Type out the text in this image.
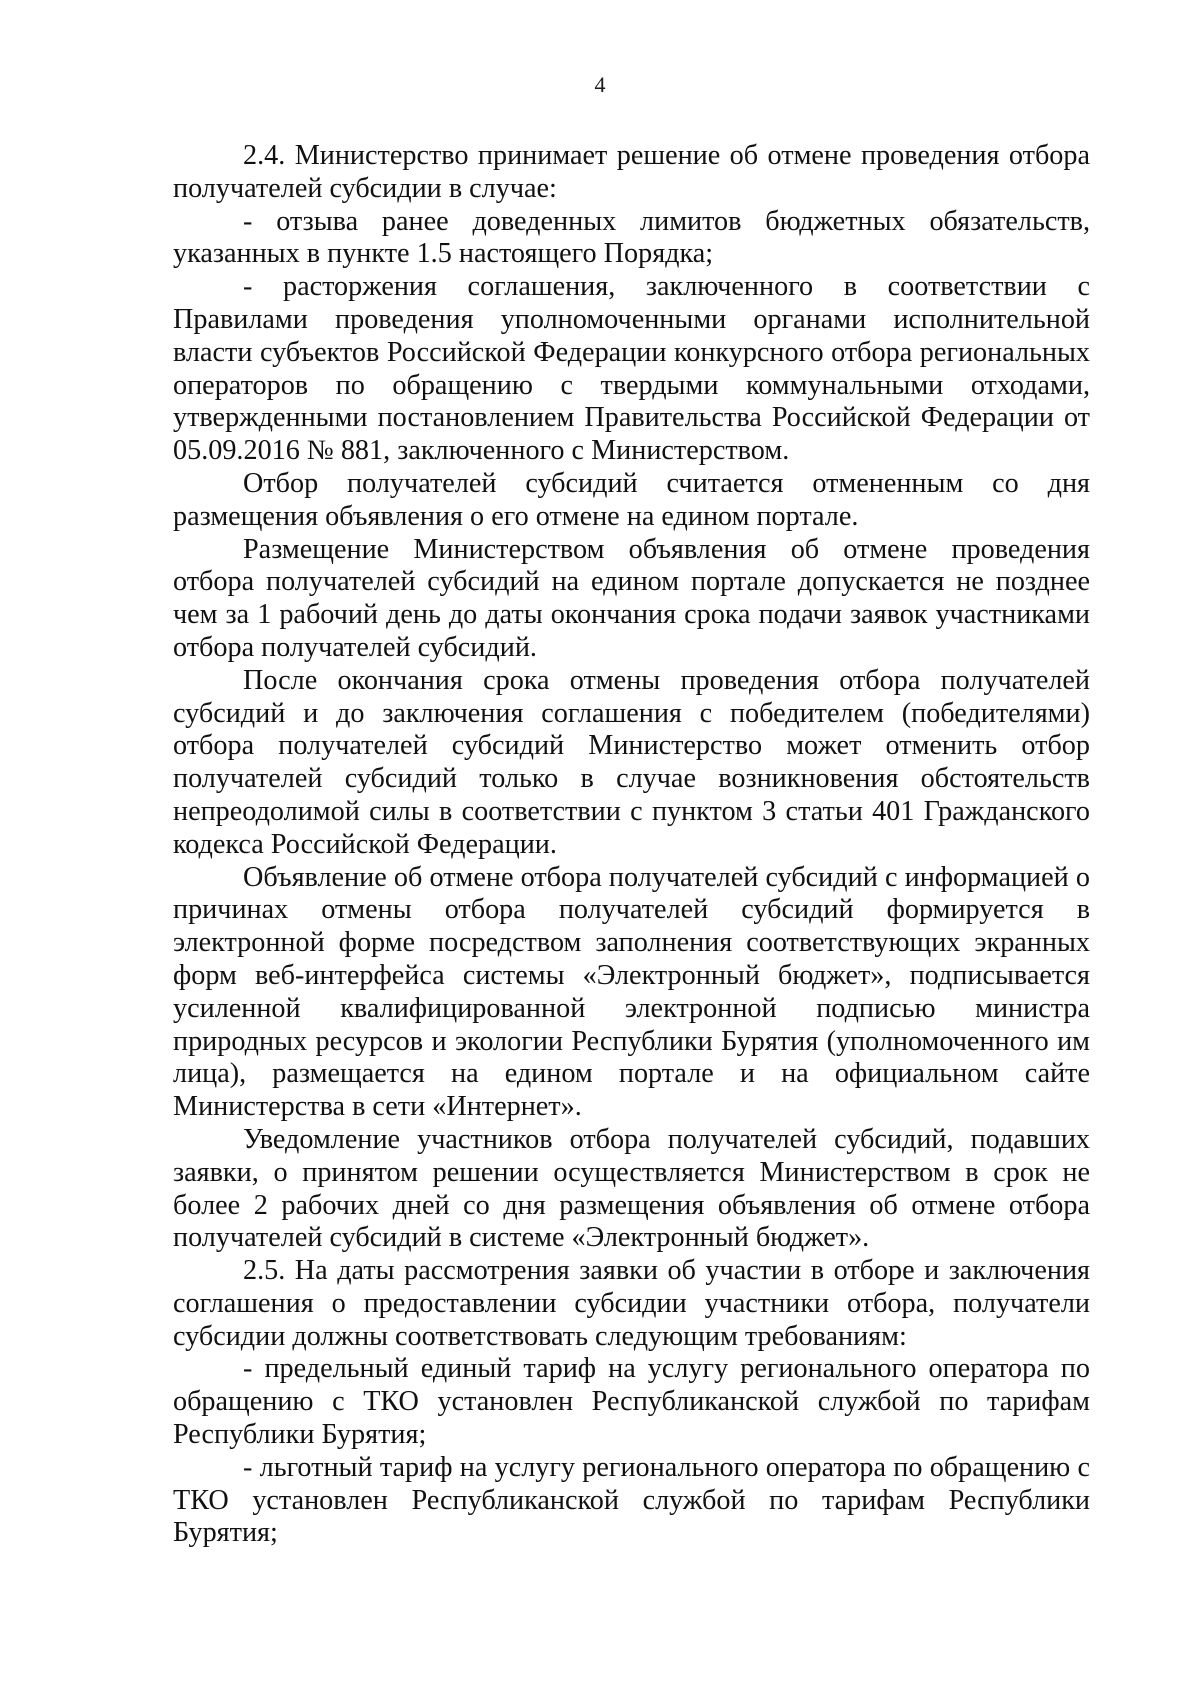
4

2.4. Министерство принимает решение об отмене проведения отбора получателей субсидии в случае:

- отзыва ранее доведенных лимитов бюджетных обязательств, указанных в пункте 1.5 настоящего Порядка;

- расторжения соглашения, заключенного в соответствии с Правилами проведения уполномоченными органами исполнительной власти субъектов Российской Федерации конкурсного отбора региональных операторов по обращению с твердыми коммунальными отходами, утвержденными постановлением Правительства Российской Федерации от 05.09.2016 № 881, заключенного с Министерством.

Отбор получателей субсидий считается отмененным со дня размещения объявления о его отмене на едином портале.

Размещение Министерством объявления об отмене проведения отбора получателей субсидий на едином портале допускается не позднее чем за 1 рабочий день до даты окончания срока подачи заявок участниками отбора получателей субсидий.

После окончания срока отмены проведения отбора получателей субсидий и до заключения соглашения с победителем (победителями) отбора получателей субсидий Министерство может отменить отбор получателей субсидий только в случае возникновения обстоятельств непреодолимой силы в соответствии с пунктом 3 статьи 401 Гражданского кодекса Российской Федерации.

Объявление об отмене отбора получателей субсидий с информацией о причинах отмены отбора получателей субсидий формируется в электронной форме посредством заполнения соответствующих экранных форм веб-интерфейса системы «Электронный бюджет», подписывается усиленной квалифицированной электронной подписью министра природных ресурсов и экологии Республики Бурятия (уполномоченного им лица), размещается на едином портале и на официальном сайте Министерства в сети «Интернет».

Уведомление участников отбора получателей субсидий, подавших заявки, о принятом решении осуществляется Министерством в срок не более 2 рабочих дней со дня размещения объявления об отмене отбора получателей субсидий в системе «Электронный бюджет».

2.5. На даты рассмотрения заявки об участии в отборе и заключения соглашения о предоставлении субсидии участники отбора, получатели субсидии должны соответствовать следующим требованиям:

- предельный единый тариф на услугу регионального оператора по обращению с ТКО установлен Республиканской службой по тарифам Республики Бурятия;

- льготный тариф на услугу регионального оператора по обращению с ТКО установлен Республиканской службой по тарифам Республики Бурятия;
